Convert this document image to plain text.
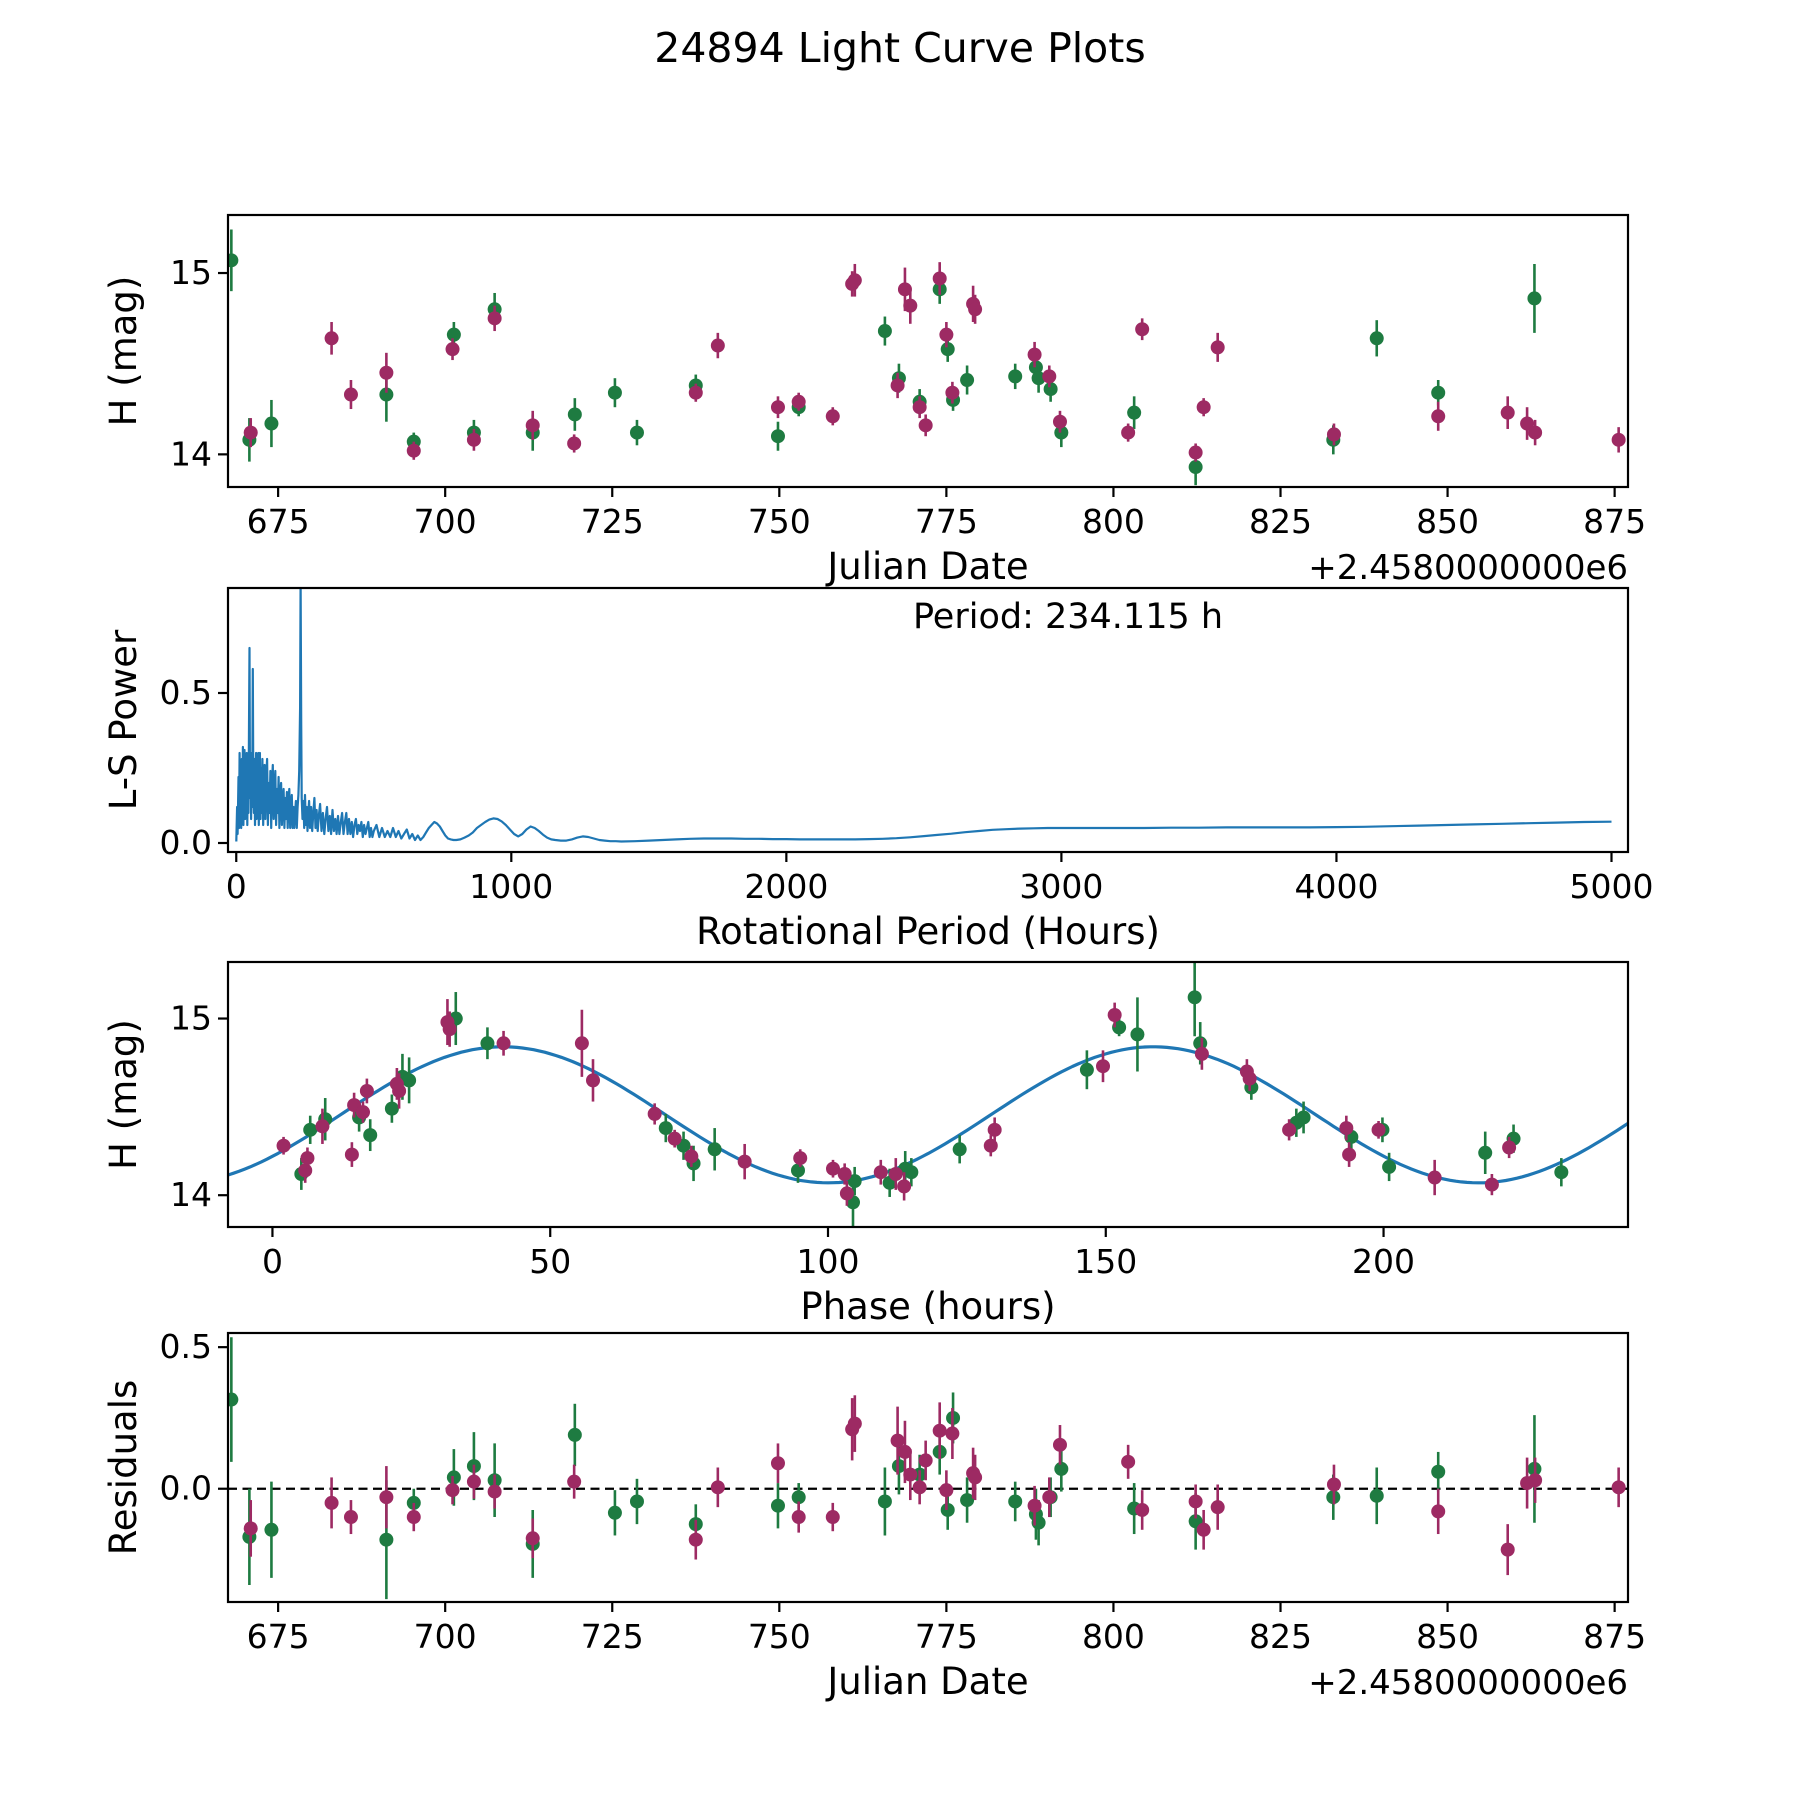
24894 Light Curve Plots
675	700	725	750	775	800	825	850	875
14
15
Julian Date
H (mag)
+2.4580000000e6
0	1000	2000	3000	4000	5000
0.0
0.5
Rotational Period (Hours)
L-S Power
Period: 234.115 h
0	50	100	150	200
14
15
Phase (hours)
H (mag)
675	700	725	750	775	800	825	850	875
0.0
0.5
Julian Date
Residuals
+2.4580000000e6
